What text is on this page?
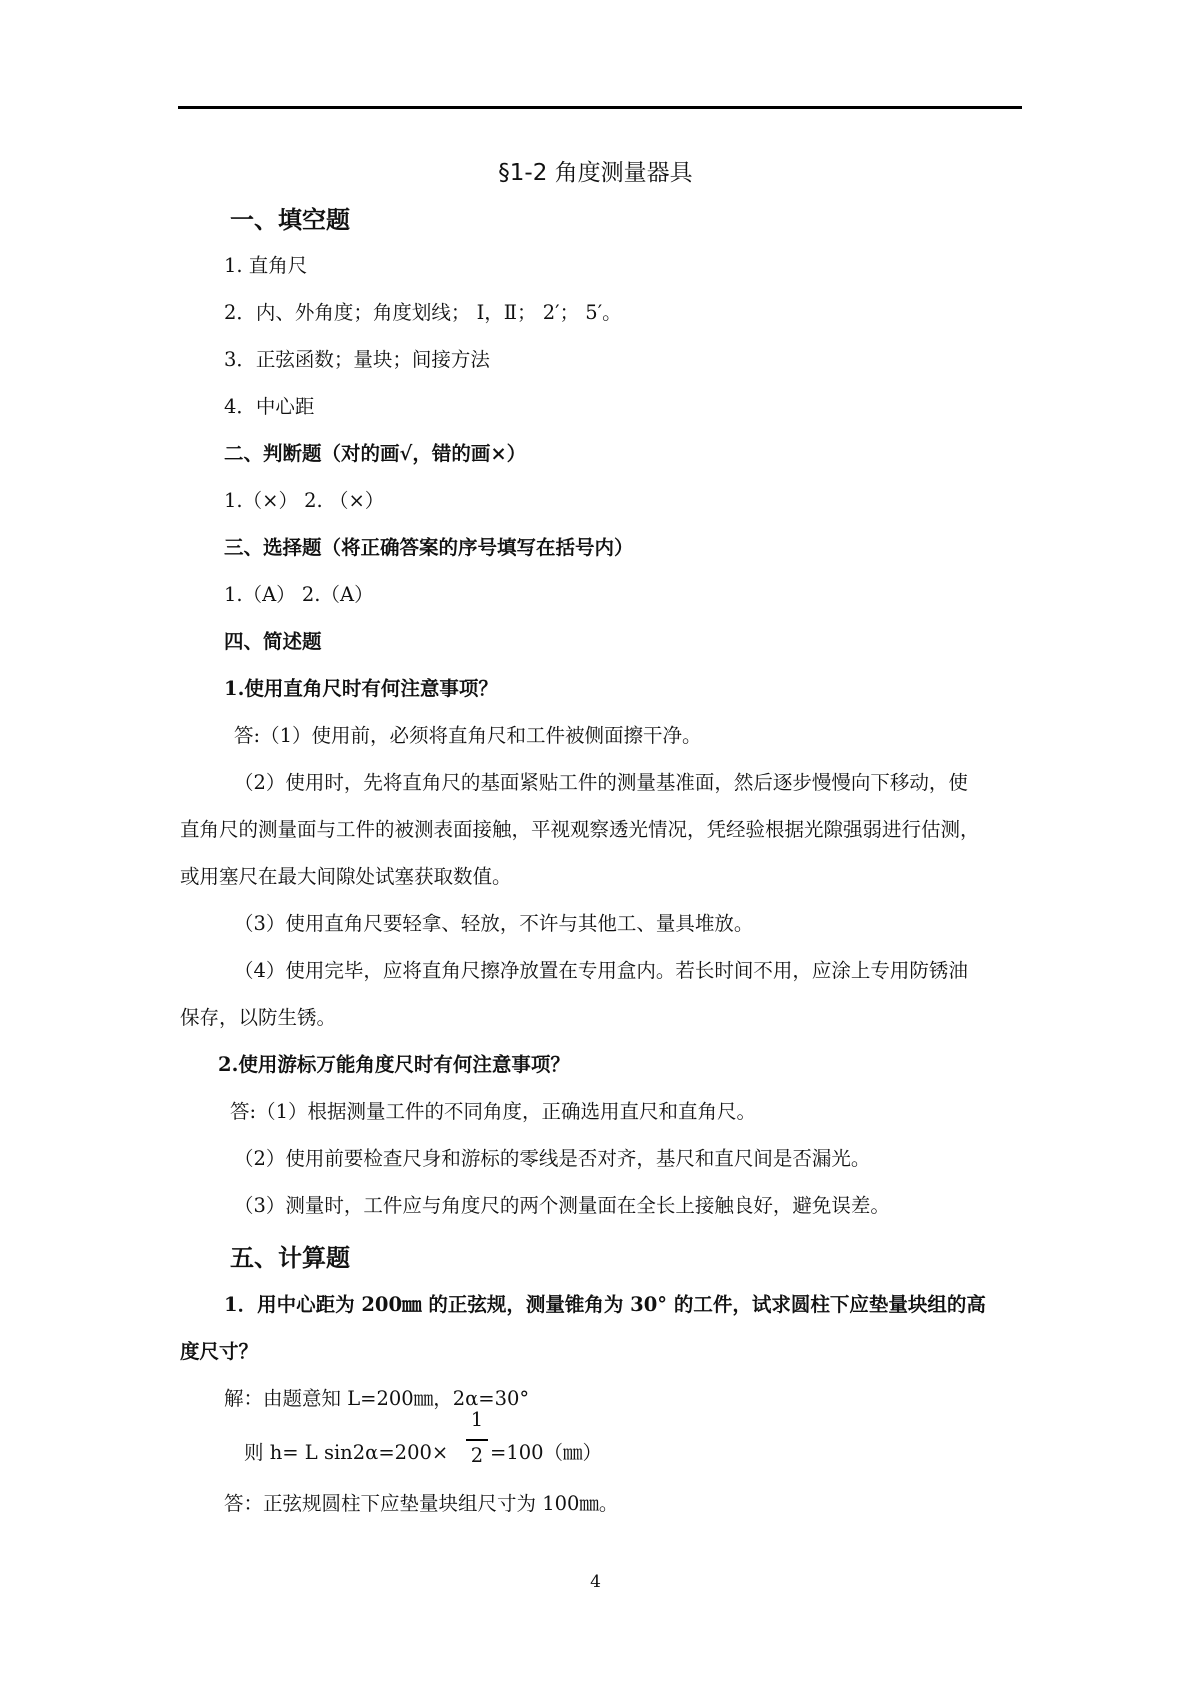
§1-2 角度测量器具
一、填空题
1. 直角尺
2．内、外角度；角度划线； Ⅰ，Ⅱ； 2′； 5′。
3．正弦函数；量块；间接方法
4．中心距
二、判断题（对的画√，错的画×）
1.（×） 2. （×）
三、选择题（将正确答案的序号填写在括号内）
1.（A） 2.（A）
四、简述题
1.使用直角尺时有何注意事项？
答:（1）使用前，必须将直角尺和工件被侧面擦干净。
（2）使用时，先将直角尺的基面紧贴工件的测量基准面，然后逐步慢慢向下移动，使
直角尺的测量面与工件的被测表面接触，平视观察透光情况，凭经验根据光隙强弱进行估测，
或用塞尺在最大间隙处试塞获取数值。
（3）使用直角尺要轻拿、轻放，不许与其他工、量具堆放。
（4）使用完毕，应将直角尺擦净放置在专用盒内。若长时间不用，应涂上专用防锈油
保存，以防生锈。
2.使用游标万能角度尺时有何注意事项？
答:（1）根据测量工件的不同角度，正确选用直尺和直角尺。
（2）使用前要检查尺身和游标的零线是否对齐，基尺和直尺间是否漏光。
（3）测量时，工件应与角度尺的两个测量面在全长上接触良好，避免误差。
五、计算题
1．用中心距为 200㎜ 的正弦规，测量锥角为 30° 的工件，试求圆柱下应垫量块组的高
度尺寸？
解：由题意知 L=200㎜，2α=30°
则 h= L sin2α=200×
1
2 =100（㎜）
答：正弦规圆柱下应垫量块组尺寸为 100㎜。
4
